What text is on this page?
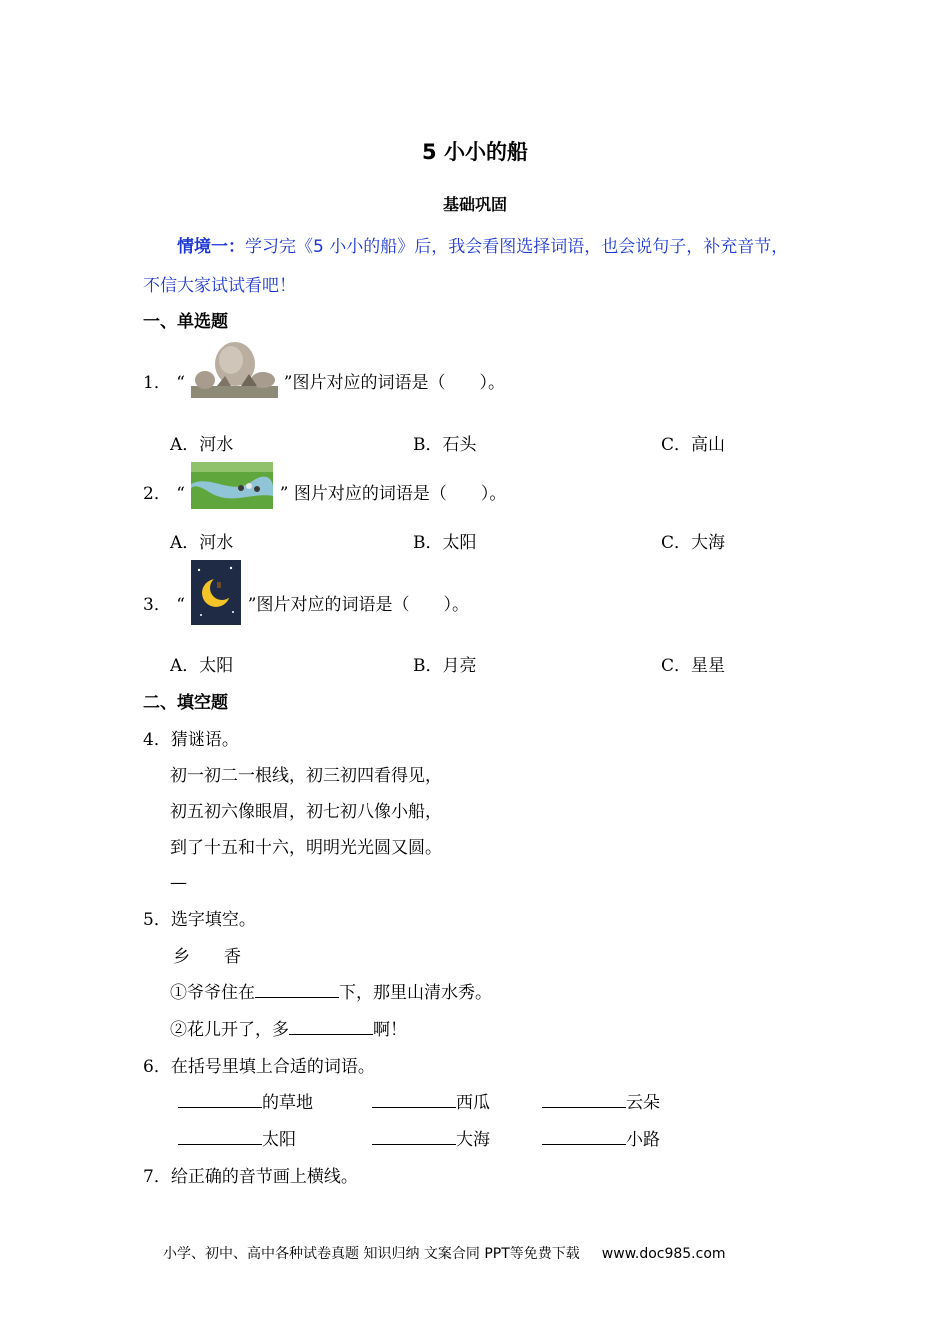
5 小小的船
基础巩固
情境一：学习完《5 小小的船》后，我会看图选择词语，也会说句子，补充音节，不信大家试试看吧！
一、单选题
1． “	”图片对应的词语是（　　）。
A．河水	B．石头	C．高山
2． “	” 图片对应的词语是（　　）。
A．河水	B．太阳	C．大海
3． “	”图片对应的词语是（　　）。
A．太阳	B．月亮	C．星星
二、填空题
4．猜谜语。
初一初二一根线，初三初四看得见，
初五初六像眼眉，初七初八像小船，
到了十五和十六，明明光光圆又圆。
—
5．选字填空。
乡　　香
①爷爷住在	下，那里山清水秀。
②花儿开了，多	啊！
6．在括号里填上合适的词语。
的草地	西瓜	云朵
太阳	大海	小路
7．给正确的音节画上横线。
小学、初中、高中各种试卷真题 知识归纳 文案合同 PPT等免费下载 www.doc985.com
